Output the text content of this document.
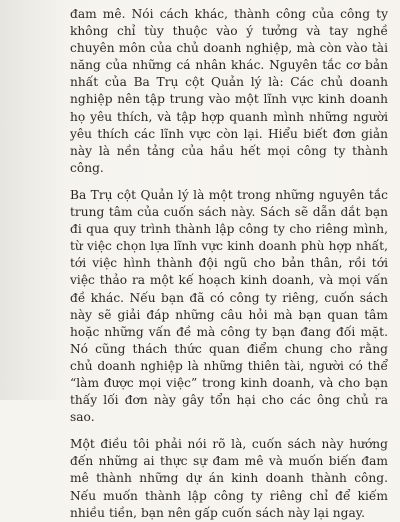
đam mê. Nói cách khác, thành công của công ty không chỉ tùy thuộc vào ý tưởng và tay nghề chuyên môn của chủ doanh nghiệp, mà còn vào tài năng của những cá nhân khác. Nguyên tắc cơ bản nhất của Ba Trụ cột Quản lý là: Các chủ doanh nghiệp nên tập trung vào một lĩnh vực kinh doanh họ yêu thích, và tập hợp quanh mình những người yêu thích các lĩnh vực còn lại. Hiểu biết đơn giản này là nền tảng của hầu hết mọi công ty thành công.

Ba Trụ cột Quản lý là một trong những nguyên tắc trung tâm của cuốn sách này. Sách sẽ dẫn dắt bạn đi qua quy trình thành lập công ty cho riêng mình, từ việc chọn lựa lĩnh vực kinh doanh phù hợp nhất, tới việc hình thành đội ngũ cho bản thân, rồi tới việc thảo ra một kế hoạch kinh doanh, và mọi vấn đề khác. Nếu bạn đã có công ty riêng, cuốn sách này sẽ giải đáp những câu hỏi mà bạn quan tâm hoặc những vấn đề mà công ty bạn đang đối mặt. Nó cũng thách thức quan điểm chung cho rằng chủ doanh nghiệp là những thiên tài, người có thể “làm được mọi việc” trong kinh doanh, và cho bạn thấy lối đơn này gây tổn hại cho các ông chủ ra sao.

Một điều tôi phải nói rõ là, cuốn sách này hướng đến những ai thực sự đam mê và muốn biến đam mê thành những dự án kinh doanh thành công. Nếu muốn thành lập công ty riêng chỉ để kiếm nhiều tiền, bạn nên gấp cuốn sách này lại ngay.
